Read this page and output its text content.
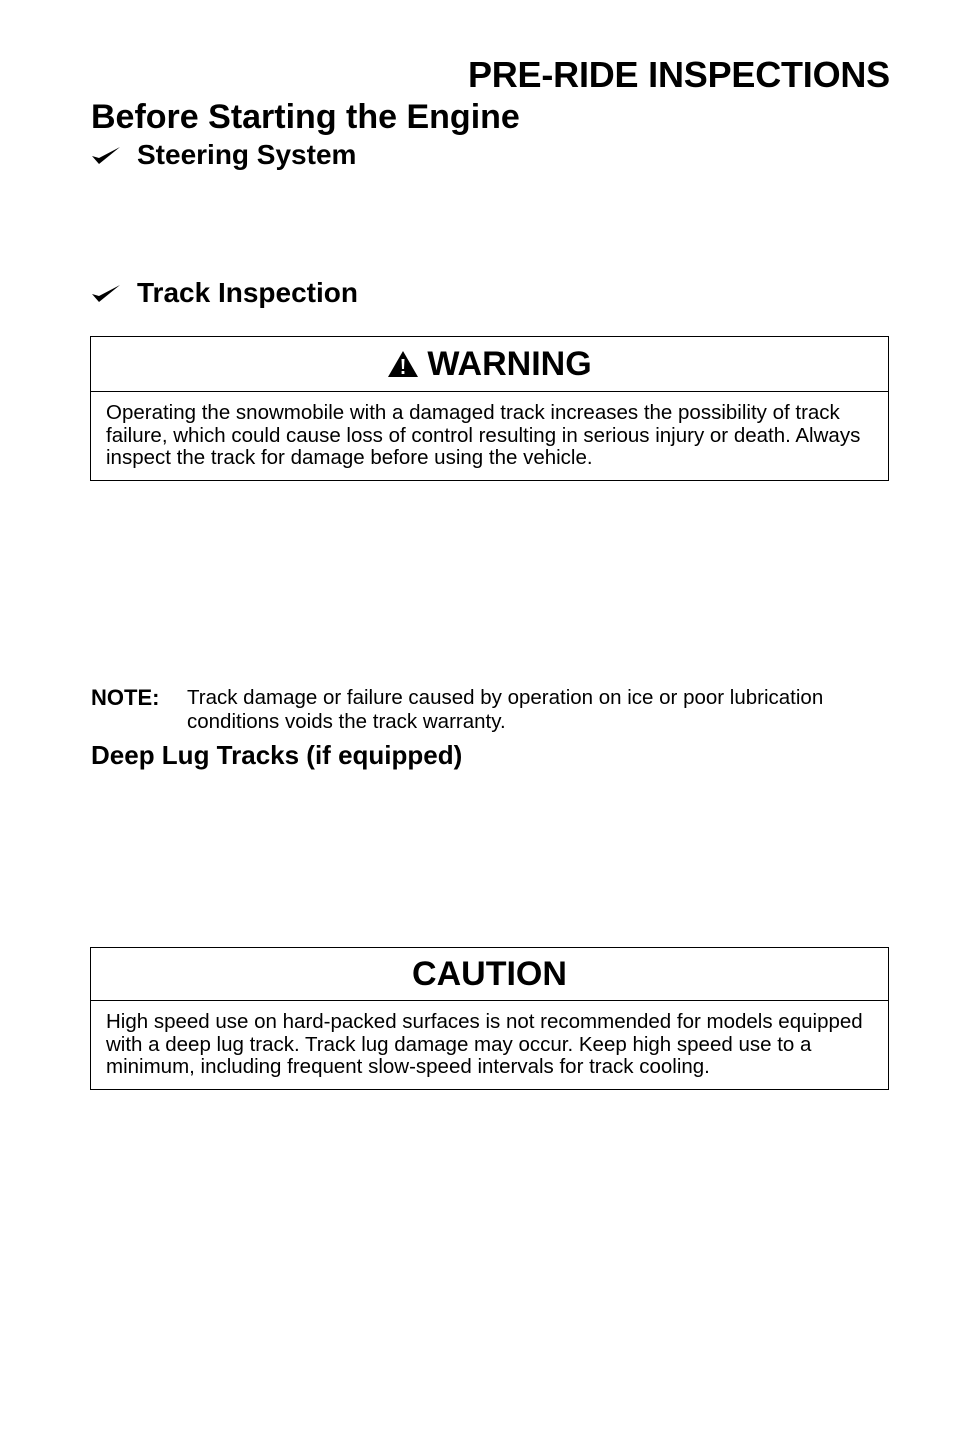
PRE-RIDE INSPECTIONS
Before Starting the Engine
Steering System
Track Inspection
WARNING
Operating the snowmobile with a damaged track increases the possibility of track failure, which could cause loss of control resulting in serious injury or death. Always inspect the track for damage before using the vehicle.
NOTE:	Track damage or failure caused by operation on ice or poor lubrication conditions voids the track warranty.
Deep Lug Tracks (if equipped)
CAUTION
High speed use on hard-packed surfaces is not recommended for models equipped with a deep lug track. Track lug damage may occur. Keep high speed use to a minimum, including frequent slow-speed intervals for track cooling.
